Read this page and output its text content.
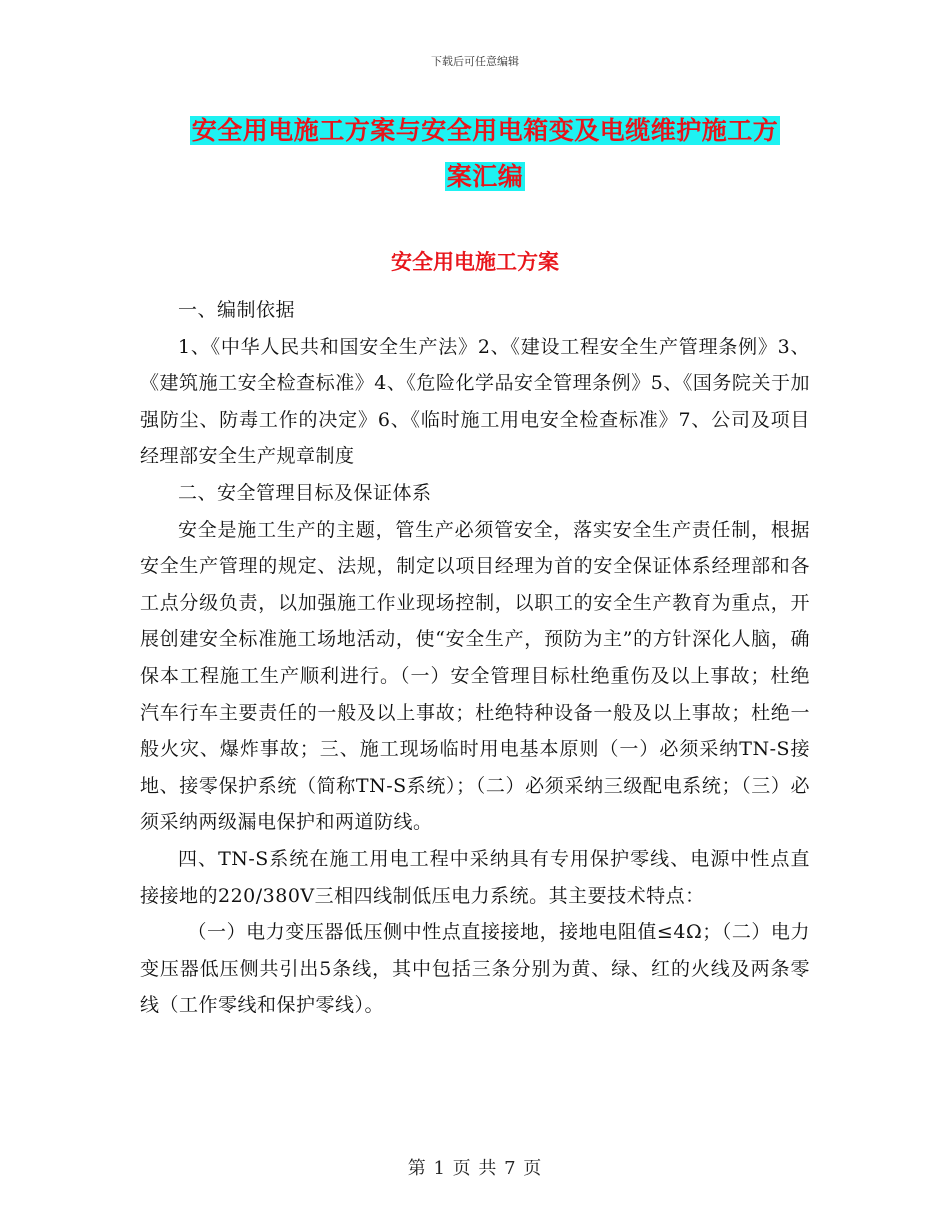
下载后可任意编辑
安全用电施工方案与安全用电箱变及电缆维护施工方
案汇编
安全用电施工方案

一、编制依据

1、《中华人民共和国安全生产法》2、《建设工程安全生产管理条例》3、《建筑施工安全检查标准》4、《危险化学品安全管理条例》5、《国务院关于加强防尘、防毒工作的决定》6、《临时施工用电安全检查标准》7、公司及项目经理部安全生产规章制度

二、安全管理目标及保证体系

安全是施工生产的主题，管生产必须管安全，落实安全生产责任制，根据安全生产管理的规定、法规，制定以项目经理为首的安全保证体系经理部和各工点分级负责，以加强施工作业现场控制，以职工的安全生产教育为重点，开展创建安全标准施工场地活动，使“安全生产，预防为主”的方针深化人脑，确保本工程施工生产顺利进行。（一）安全管理目标杜绝重伤及以上事故；杜绝汽车行车主要责任的一般及以上事故；杜绝特种设备一般及以上事故；杜绝一般火灾、爆炸事故；三、施工现场临时用电基本原则（一）必须采纳TN-S接地、接零保护系统（简称TN-S系统）；（二）必须采纳三级配电系统；（三）必须采纳两级漏电保护和两道防线。

四、TN-S系统在施工用电工程中采纳具有专用保护零线、电源中性点直接接地的220/380V三相四线制低压电力系统。其主要技术特点：

（一）电力变压器低压侧中性点直接接地，接地电阻值≤4Ω；（二）电力变压器低压侧共引出5条线，其中包括三条分别为黄、绿、红的火线及两条零线（工作零线和保护零线）。

第 1 页 共 7 页
